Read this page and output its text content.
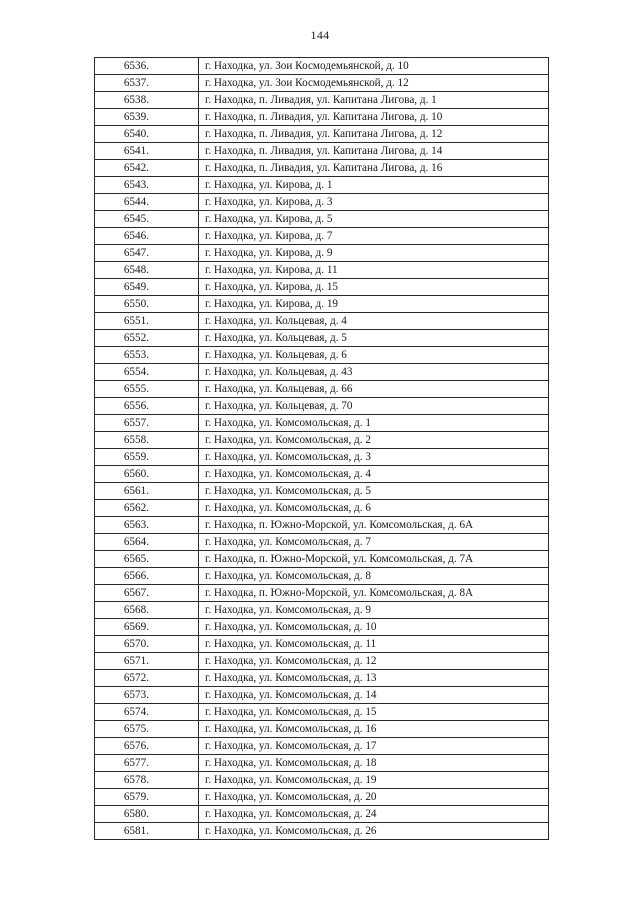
144
6536.	г. Находка, ул. Зои Космодемьянской, д. 10
6537.	г. Находка, ул. Зои Космодемьянской, д. 12
6538.	г. Находка, п. Ливадия, ул. Капитана Лигова, д. 1
6539.	г. Находка, п. Ливадия, ул. Капитана Лигова, д. 10
6540.	г. Находка, п. Ливадия, ул. Капитана Лигова, д. 12
6541.	г. Находка, п. Ливадия, ул. Капитана Лигова, д. 14
6542.	г. Находка, п. Ливадия, ул. Капитана Лигова, д. 16
6543.	г. Находка, ул. Кирова, д. 1
6544.	г. Находка, ул. Кирова, д. 3
6545.	г. Находка, ул. Кирова, д. 5
6546.	г. Находка, ул. Кирова, д. 7
6547.	г. Находка, ул. Кирова, д. 9
6548.	г. Находка, ул. Кирова, д. 11
6549.	г. Находка, ул. Кирова, д. 15
6550.	г. Находка, ул. Кирова, д. 19
6551.	г. Находка, ул. Кольцевая, д. 4
6552.	г. Находка, ул. Кольцевая, д. 5
6553.	г. Находка, ул. Кольцевая, д. 6
6554.	г. Находка, ул. Кольцевая, д. 43
6555.	г. Находка, ул. Кольцевая, д. 66
6556.	г. Находка, ул. Кольцевая, д. 70
6557.	г. Находка, ул. Комсомольская, д. 1
6558.	г. Находка, ул. Комсомольская, д. 2
6559.	г. Находка, ул. Комсомольская, д. 3
6560.	г. Находка, ул. Комсомольская, д. 4
6561.	г. Находка, ул. Комсомольская, д. 5
6562.	г. Находка, ул. Комсомольская, д. 6
6563.	г. Находка, п. Южно-Морской, ул. Комсомольская, д. 6А
6564.	г. Находка, ул. Комсомольская, д. 7
6565.	г. Находка, п. Южно-Морской, ул. Комсомольская, д. 7А
6566.	г. Находка, ул. Комсомольская, д. 8
6567.	г. Находка, п. Южно-Морской, ул. Комсомольская, д. 8А
6568.	г. Находка, ул. Комсомольская, д. 9
6569.	г. Находка, ул. Комсомольская, д. 10
6570.	г. Находка, ул. Комсомольская, д. 11
6571.	г. Находка, ул. Комсомольская, д. 12
6572.	г. Находка, ул. Комсомольская, д. 13
6573.	г. Находка, ул. Комсомольская, д. 14
6574.	г. Находка, ул. Комсомольская, д. 15
6575.	г. Находка, ул. Комсомольская, д. 16
6576.	г. Находка, ул. Комсомольская, д. 17
6577.	г. Находка, ул. Комсомольская, д. 18
6578.	г. Находка, ул. Комсомольская, д. 19
6579.	г. Находка, ул. Комсомольская, д. 20
6580.	г. Находка, ул. Комсомольская, д. 24
6581.	г. Находка, ул. Комсомольская, д. 26
